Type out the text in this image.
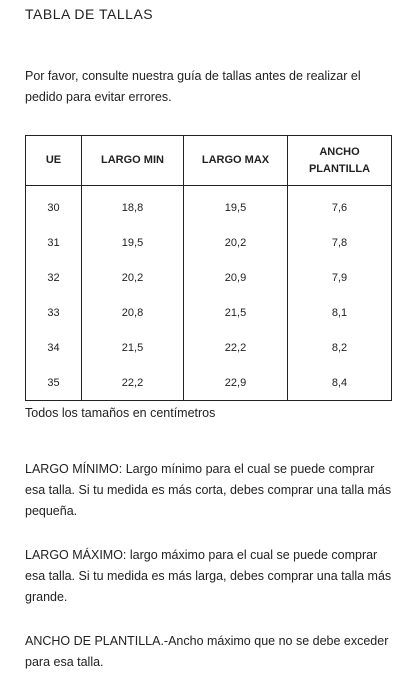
TABLA DE TALLAS

Por favor, consulte nuestra guía de tallas antes de realizar el pedido para evitar errores.

UE	LARGO MIN	LARGO MAX	ANCHO PLANTILLA
30	18,8	19,5	7,6
31	19,5	20,2	7,8
32	20,2	20,9	7,9
33	20,8	21,5	8,1
34	21,5	22,2	8,2
35	22,2	22,9	8,4

Todos los tamaños en centímetros

LARGO MÍNIMO: Largo mínimo para el cual se puede comprar esa talla. Si tu medida es más corta, debes comprar una talla más pequeña.

LARGO MÁXIMO: largo máximo para el cual se puede comprar esa talla. Si tu medida es más larga, debes comprar una talla más grande.

ANCHO DE PLANTILLA.-Ancho máximo que no se debe exceder para esa talla.
